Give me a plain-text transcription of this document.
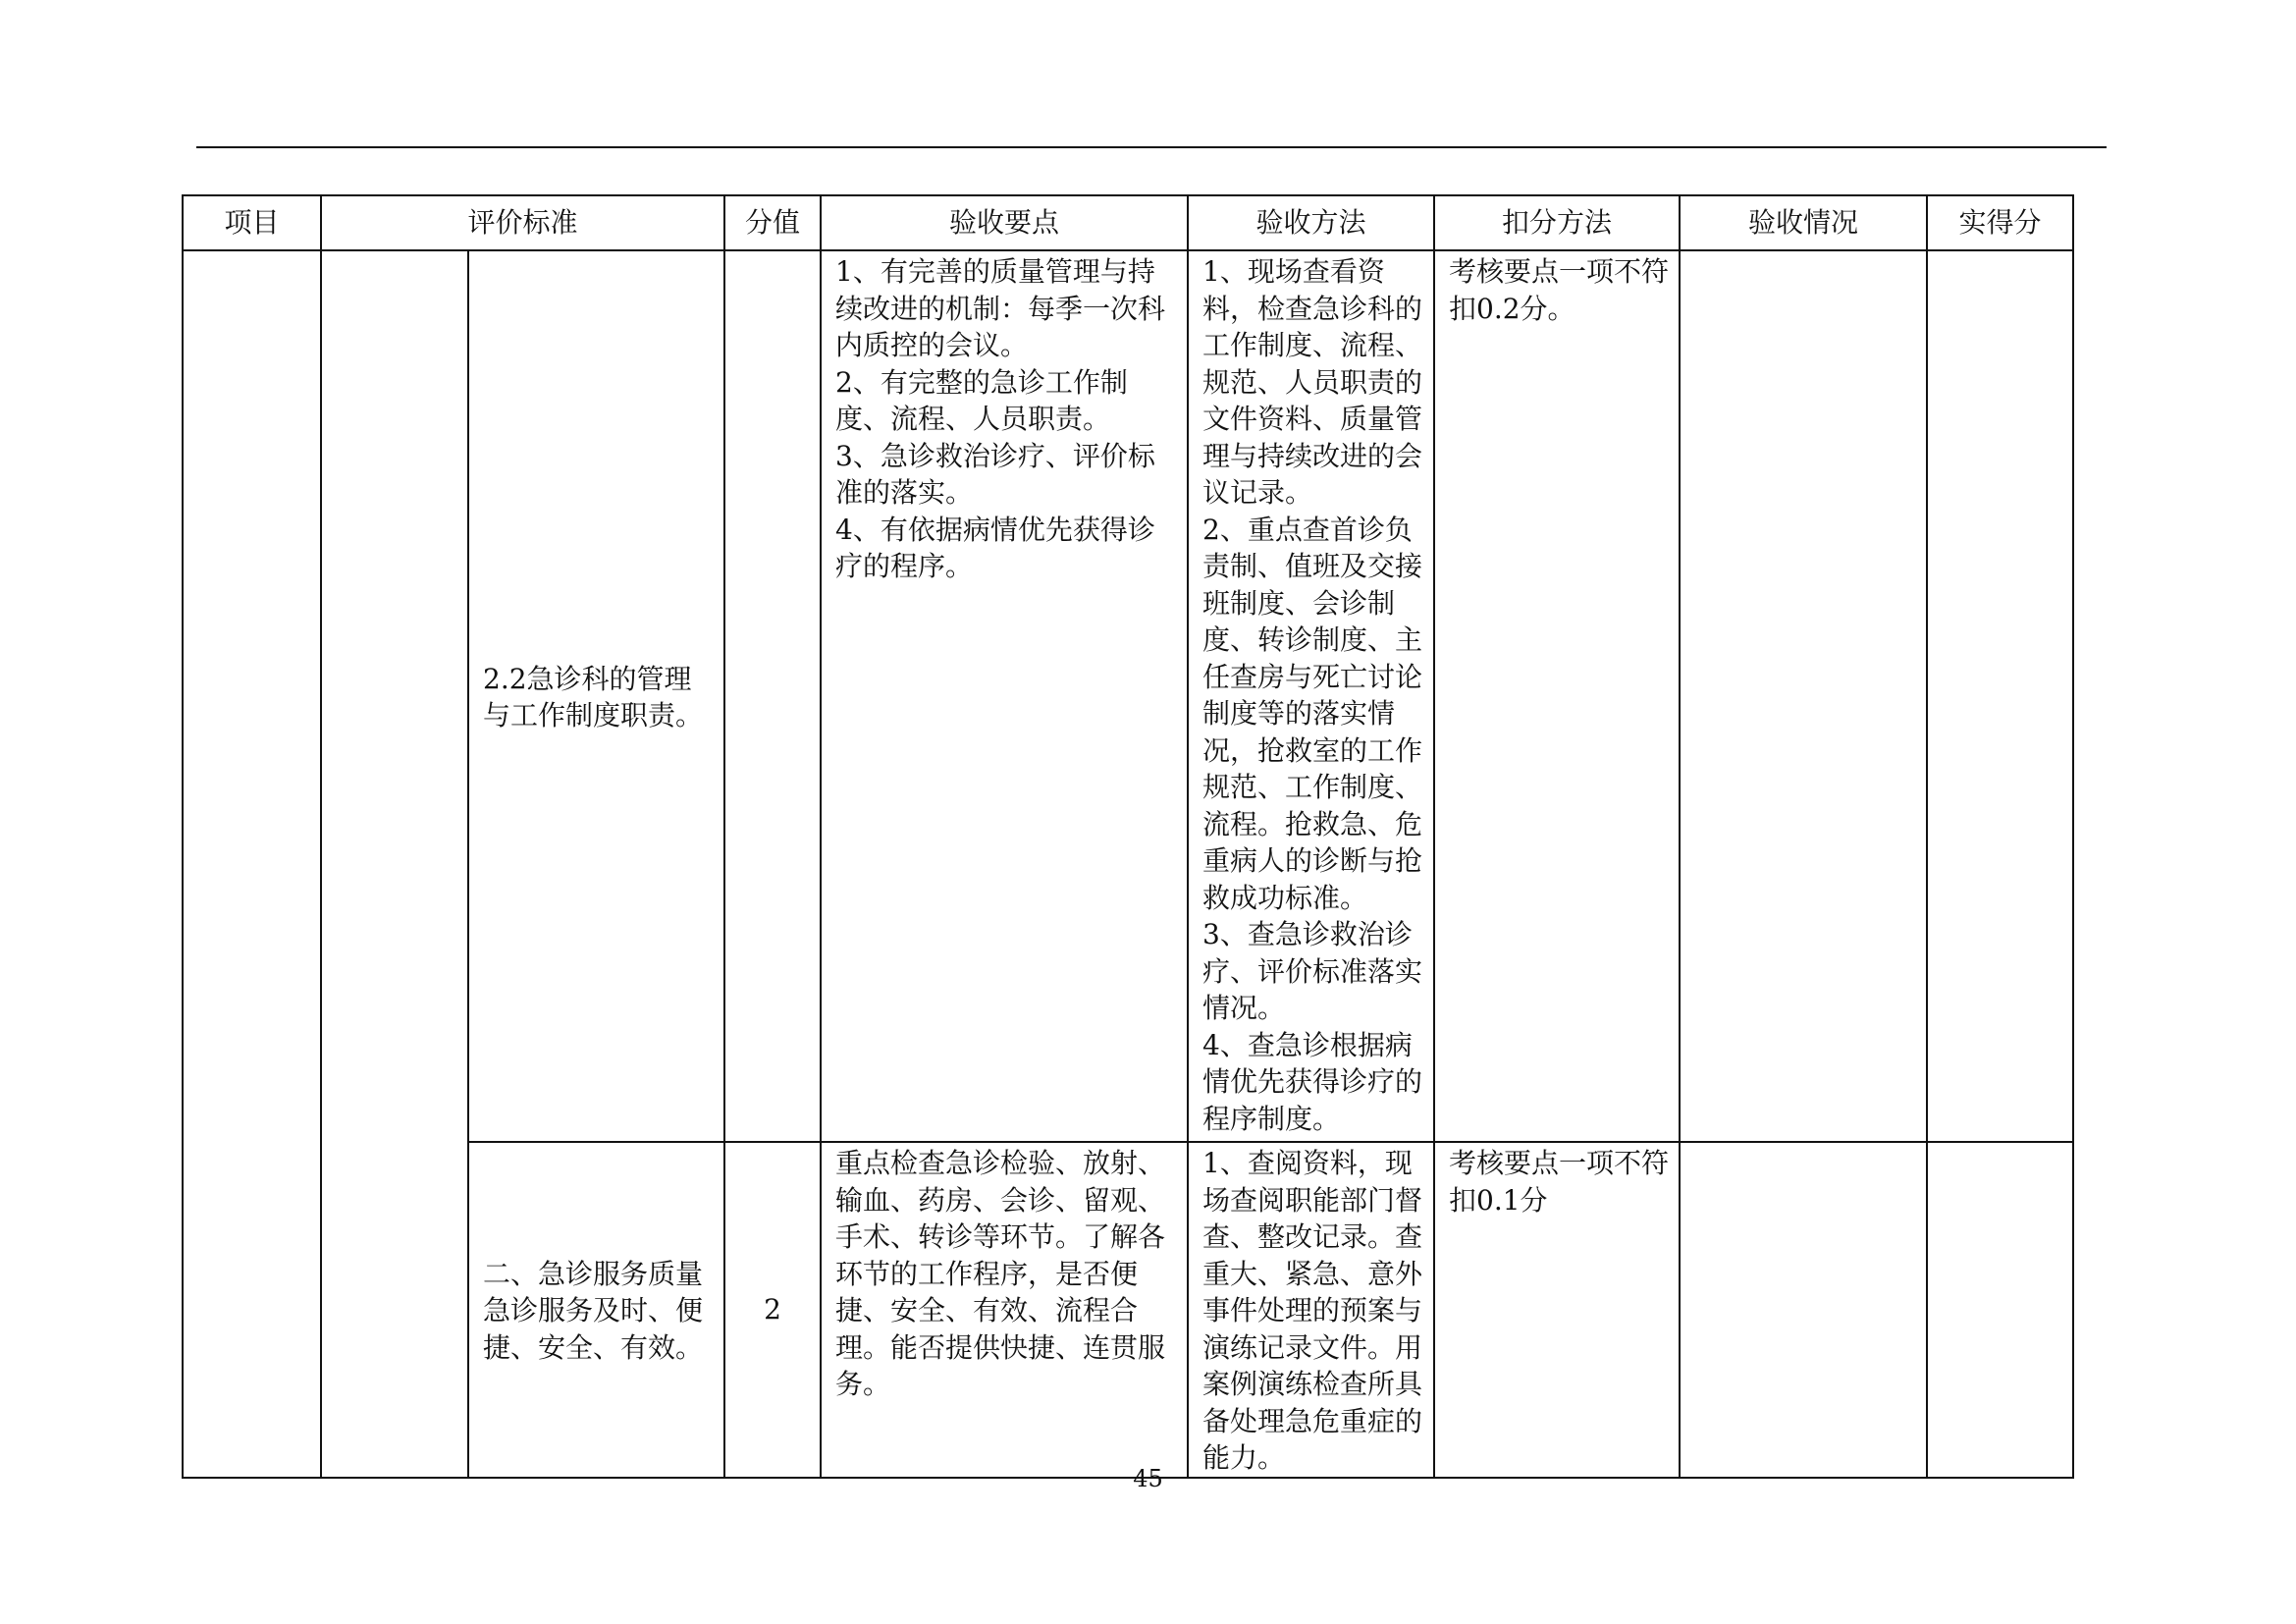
项目	评价标准		分值	验收要点	验收方法	扣分方法	验收情况	实得分

		2.2急诊科的管理与工作制度职责。		1、有完善的质量管理与持续改进的机制：每季一次科内质控的会议。
2、有完整的急诊工作制度、流程、人员职责。
3、急诊救治诊疗、评价标准的落实。
4、有依据病情优先获得诊疗的程序。	1、现场查看资料，检查急诊科的工作制度、流程、规范、人员职责的文件资料、质量管理与持续改进的会议记录。
2、重点查首诊负责制、值班及交接班制度、会诊制度、转诊制度、主任查房与死亡讨论制度等的落实情况，抢救室的工作规范、工作制度、流程。抢救急、危重病人的诊断与抢救成功标准。
3、查急诊救治诊疗、评价标准落实情况。
4、查急诊根据病情优先获得诊疗的程序制度。	考核要点一项不符扣0.2分。		

		二、急诊服务质量急诊服务及时、便捷、安全、有效。	2	重点检查急诊检验、放射、输血、药房、会诊、留观、手术、转诊等环节。了解各环节的工作程序，是否便捷、安全、有效、流程合理。能否提供快捷、连贯服务。	1、查阅资料，现场查阅职能部门督查、整改记录。查重大、紧急、意外事件处理的预案与演练记录文件。用案例演练检查所具备处理急危重症的能力。	考核要点一项不符扣0.1分		

45
